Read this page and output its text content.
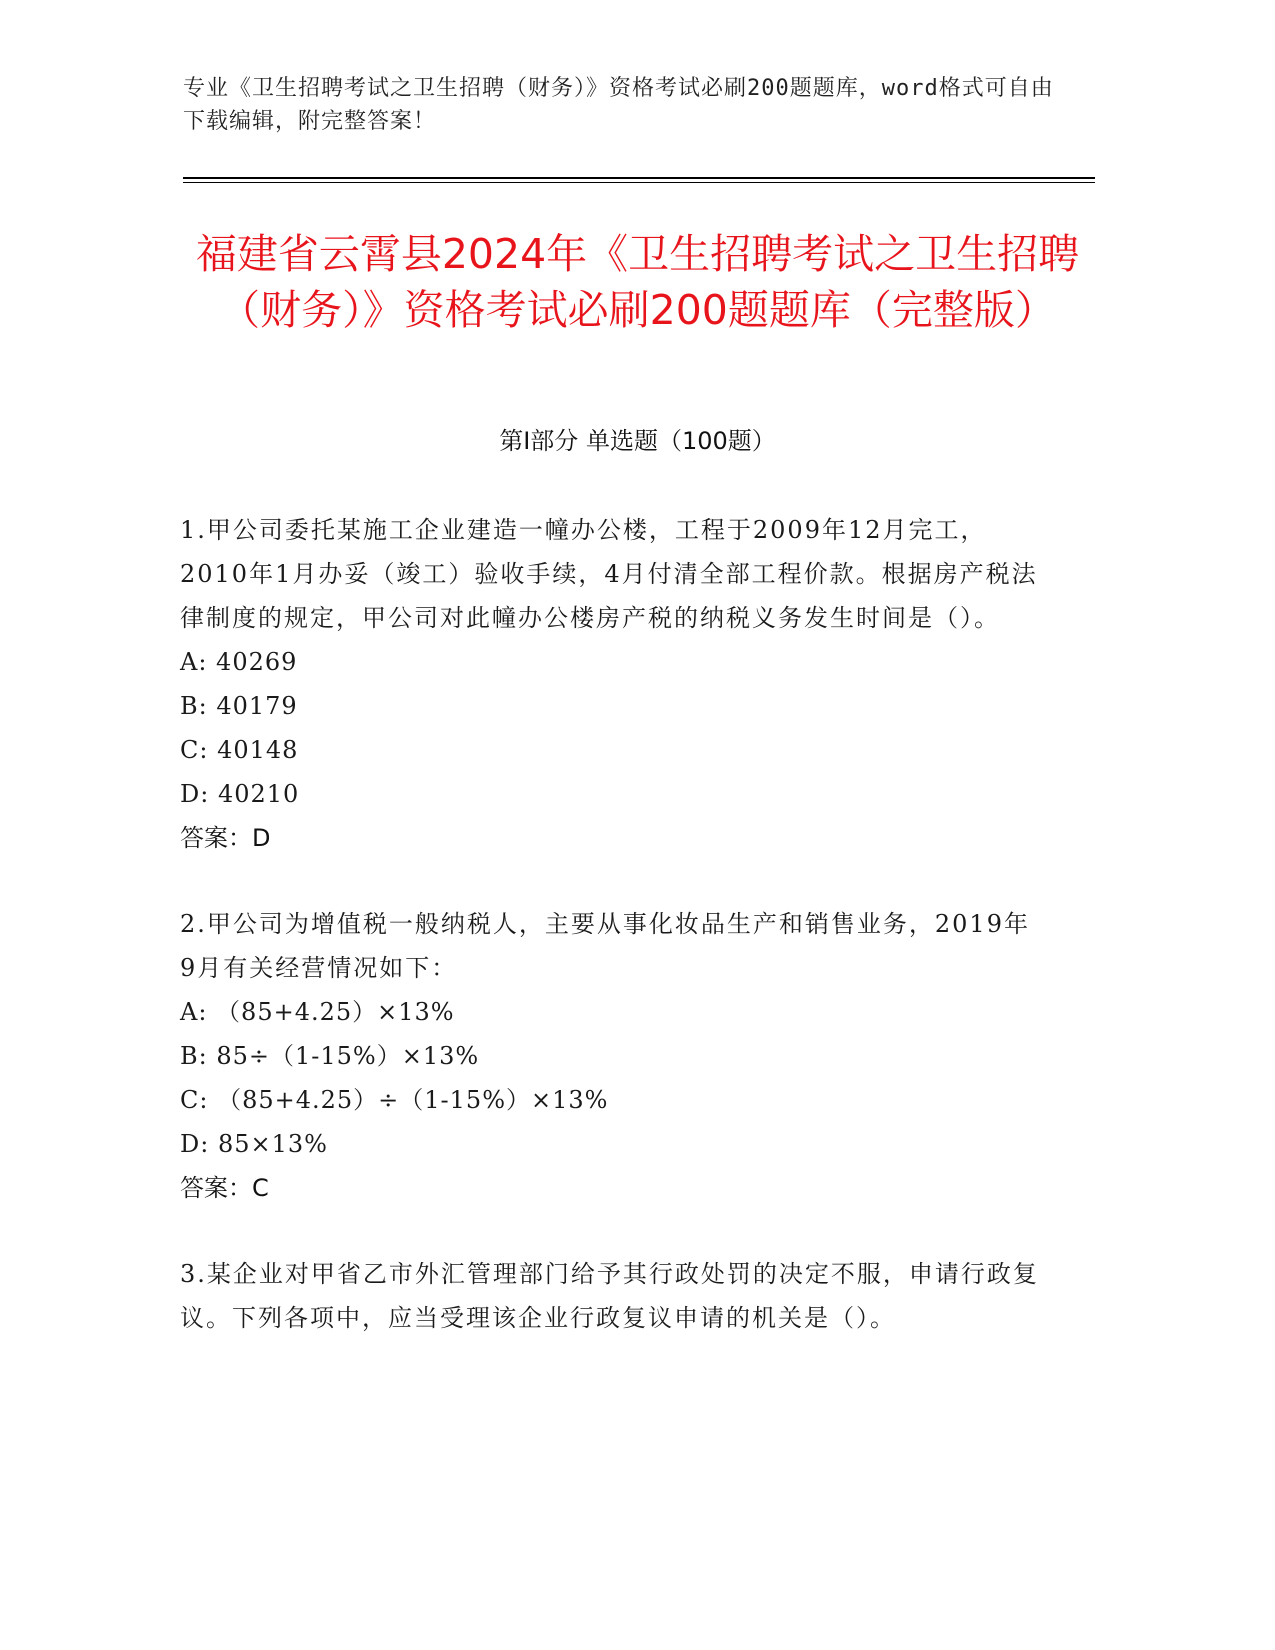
专业《卫生招聘考试之卫生招聘（财务）》资格考试必刷200题题库，word格式可自由下载编辑，附完整答案！
福建省云霄县2024年《卫生招聘考试之卫生招聘（财务）》资格考试必刷200题题库（完整版）
第I部分 单选题（100题）

1.甲公司委托某施工企业建造一幢办公楼，工程于2009年12月完工，2010年1月办妥（竣工）验收手续，4月付清全部工程价款。根据房产税法律制度的规定，甲公司对此幢办公楼房产税的纳税义务发生时间是（）。

A: 40269

B: 40179

C: 40148

D: 40210

答案：D

2.甲公司为增值税一般纳税人，主要从事化妆品生产和销售业务，2019年9月有关经营情况如下：

A: （85+4.25）×13%

B: 85÷（1-15%）×13%

C: （85+4.25）÷（1-15%）×13%

D: 85×13%

答案：C

3.某企业对甲省乙市外汇管理部门给予其行政处罚的决定不服，申请行政复议。下列各项中，应当受理该企业行政复议申请的机关是（）。
